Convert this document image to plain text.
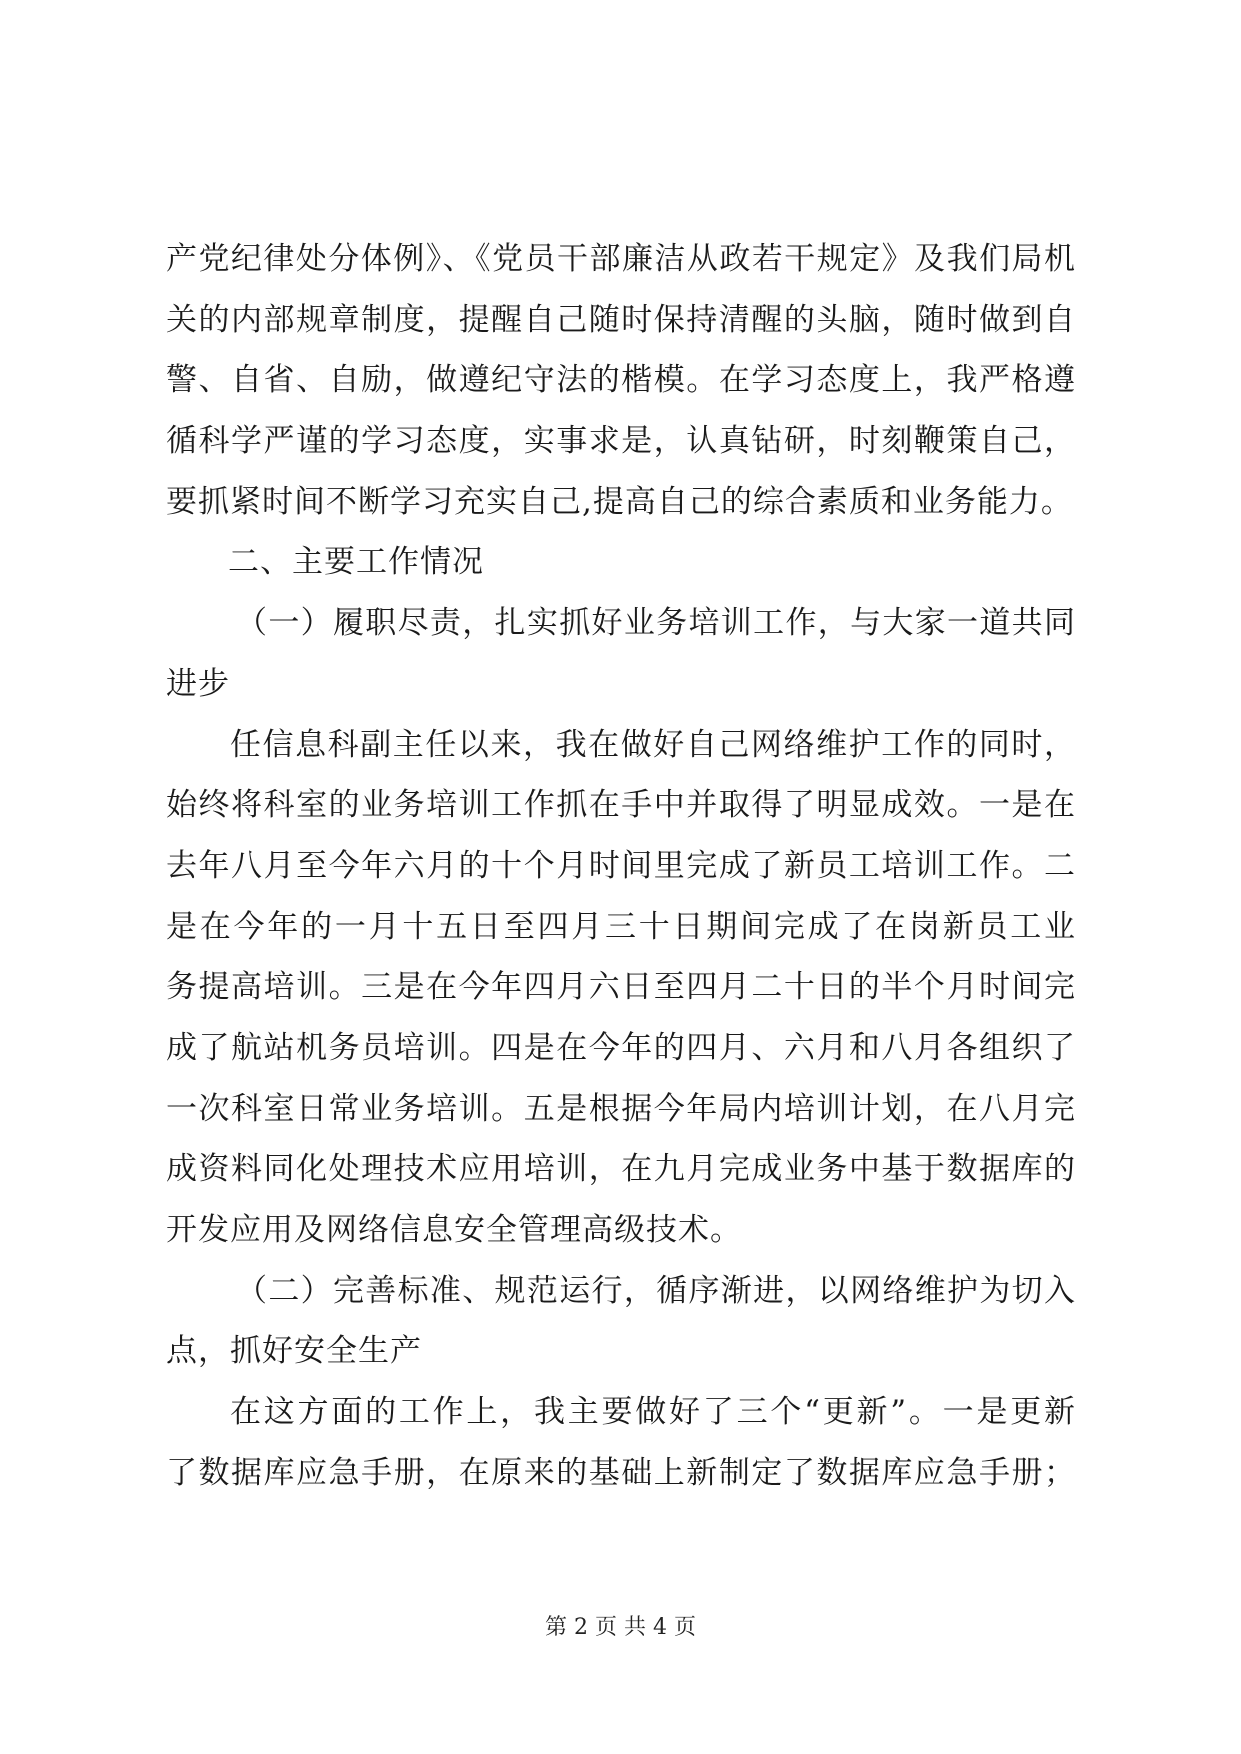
产党纪律处分体例》、《党员干部廉洁从政若干规定》及我们局机
关的内部规章制度，提醒自己随时保持清醒的头脑，随时做到自
警、自省、自励，做遵纪守法的楷模。在学习态度上，我严格遵
循科学严谨的学习态度，实事求是，认真钻研，时刻鞭策自己，
要抓紧时间不断学习充实自己,提高自己的综合素质和业务能力。
二、主要工作情况
（一）履职尽责，扎实抓好业务培训工作，与大家一道共同
进步
任信息科副主任以来，我在做好自己网络维护工作的同时，
始终将科室的业务培训工作抓在手中并取得了明显成效。一是在
去年八月至今年六月的十个月时间里完成了新员工培训工作。二
是在今年的一月十五日至四月三十日期间完成了在岗新员工业
务提高培训。三是在今年四月六日至四月二十日的半个月时间完
成了航站机务员培训。四是在今年的四月、六月和八月各组织了
一次科室日常业务培训。五是根据今年局内培训计划，在八月完
成资料同化处理技术应用培训，在九月完成业务中基于数据库的
开发应用及网络信息安全管理高级技术。
（二）完善标准、规范运行，循序渐进，以网络维护为切入
点，抓好安全生产
在这方面的工作上，我主要做好了三个“更新”。一是更新
了数据库应急手册，在原来的基础上新制定了数据库应急手册；
第 2 页 共 4 页
